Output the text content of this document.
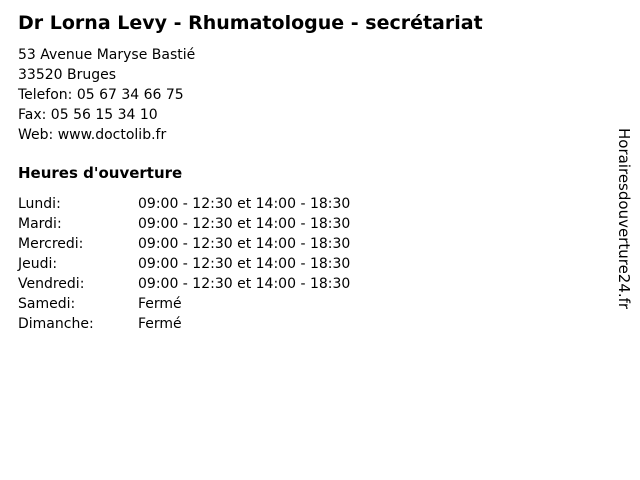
Dr Lorna Levy - Rhumatologue - secrétariat
53 Avenue Maryse Bastié
33520 Bruges
Telefon: 05 67 34 66 75
Fax: 05 56 15 34 10
Web: www.doctolib.fr
Heures d'ouverture
Lundi:	09:00 - 12:30 et 14:00 - 18:30
Mardi:	09:00 - 12:30 et 14:00 - 18:30
Mercredi:	09:00 - 12:30 et 14:00 - 18:30
Jeudi:	09:00 - 12:30 et 14:00 - 18:30
Vendredi:	09:00 - 12:30 et 14:00 - 18:30
Samedi:	Fermé
Dimanche:	Fermé
Horairesdouverture24.fr
